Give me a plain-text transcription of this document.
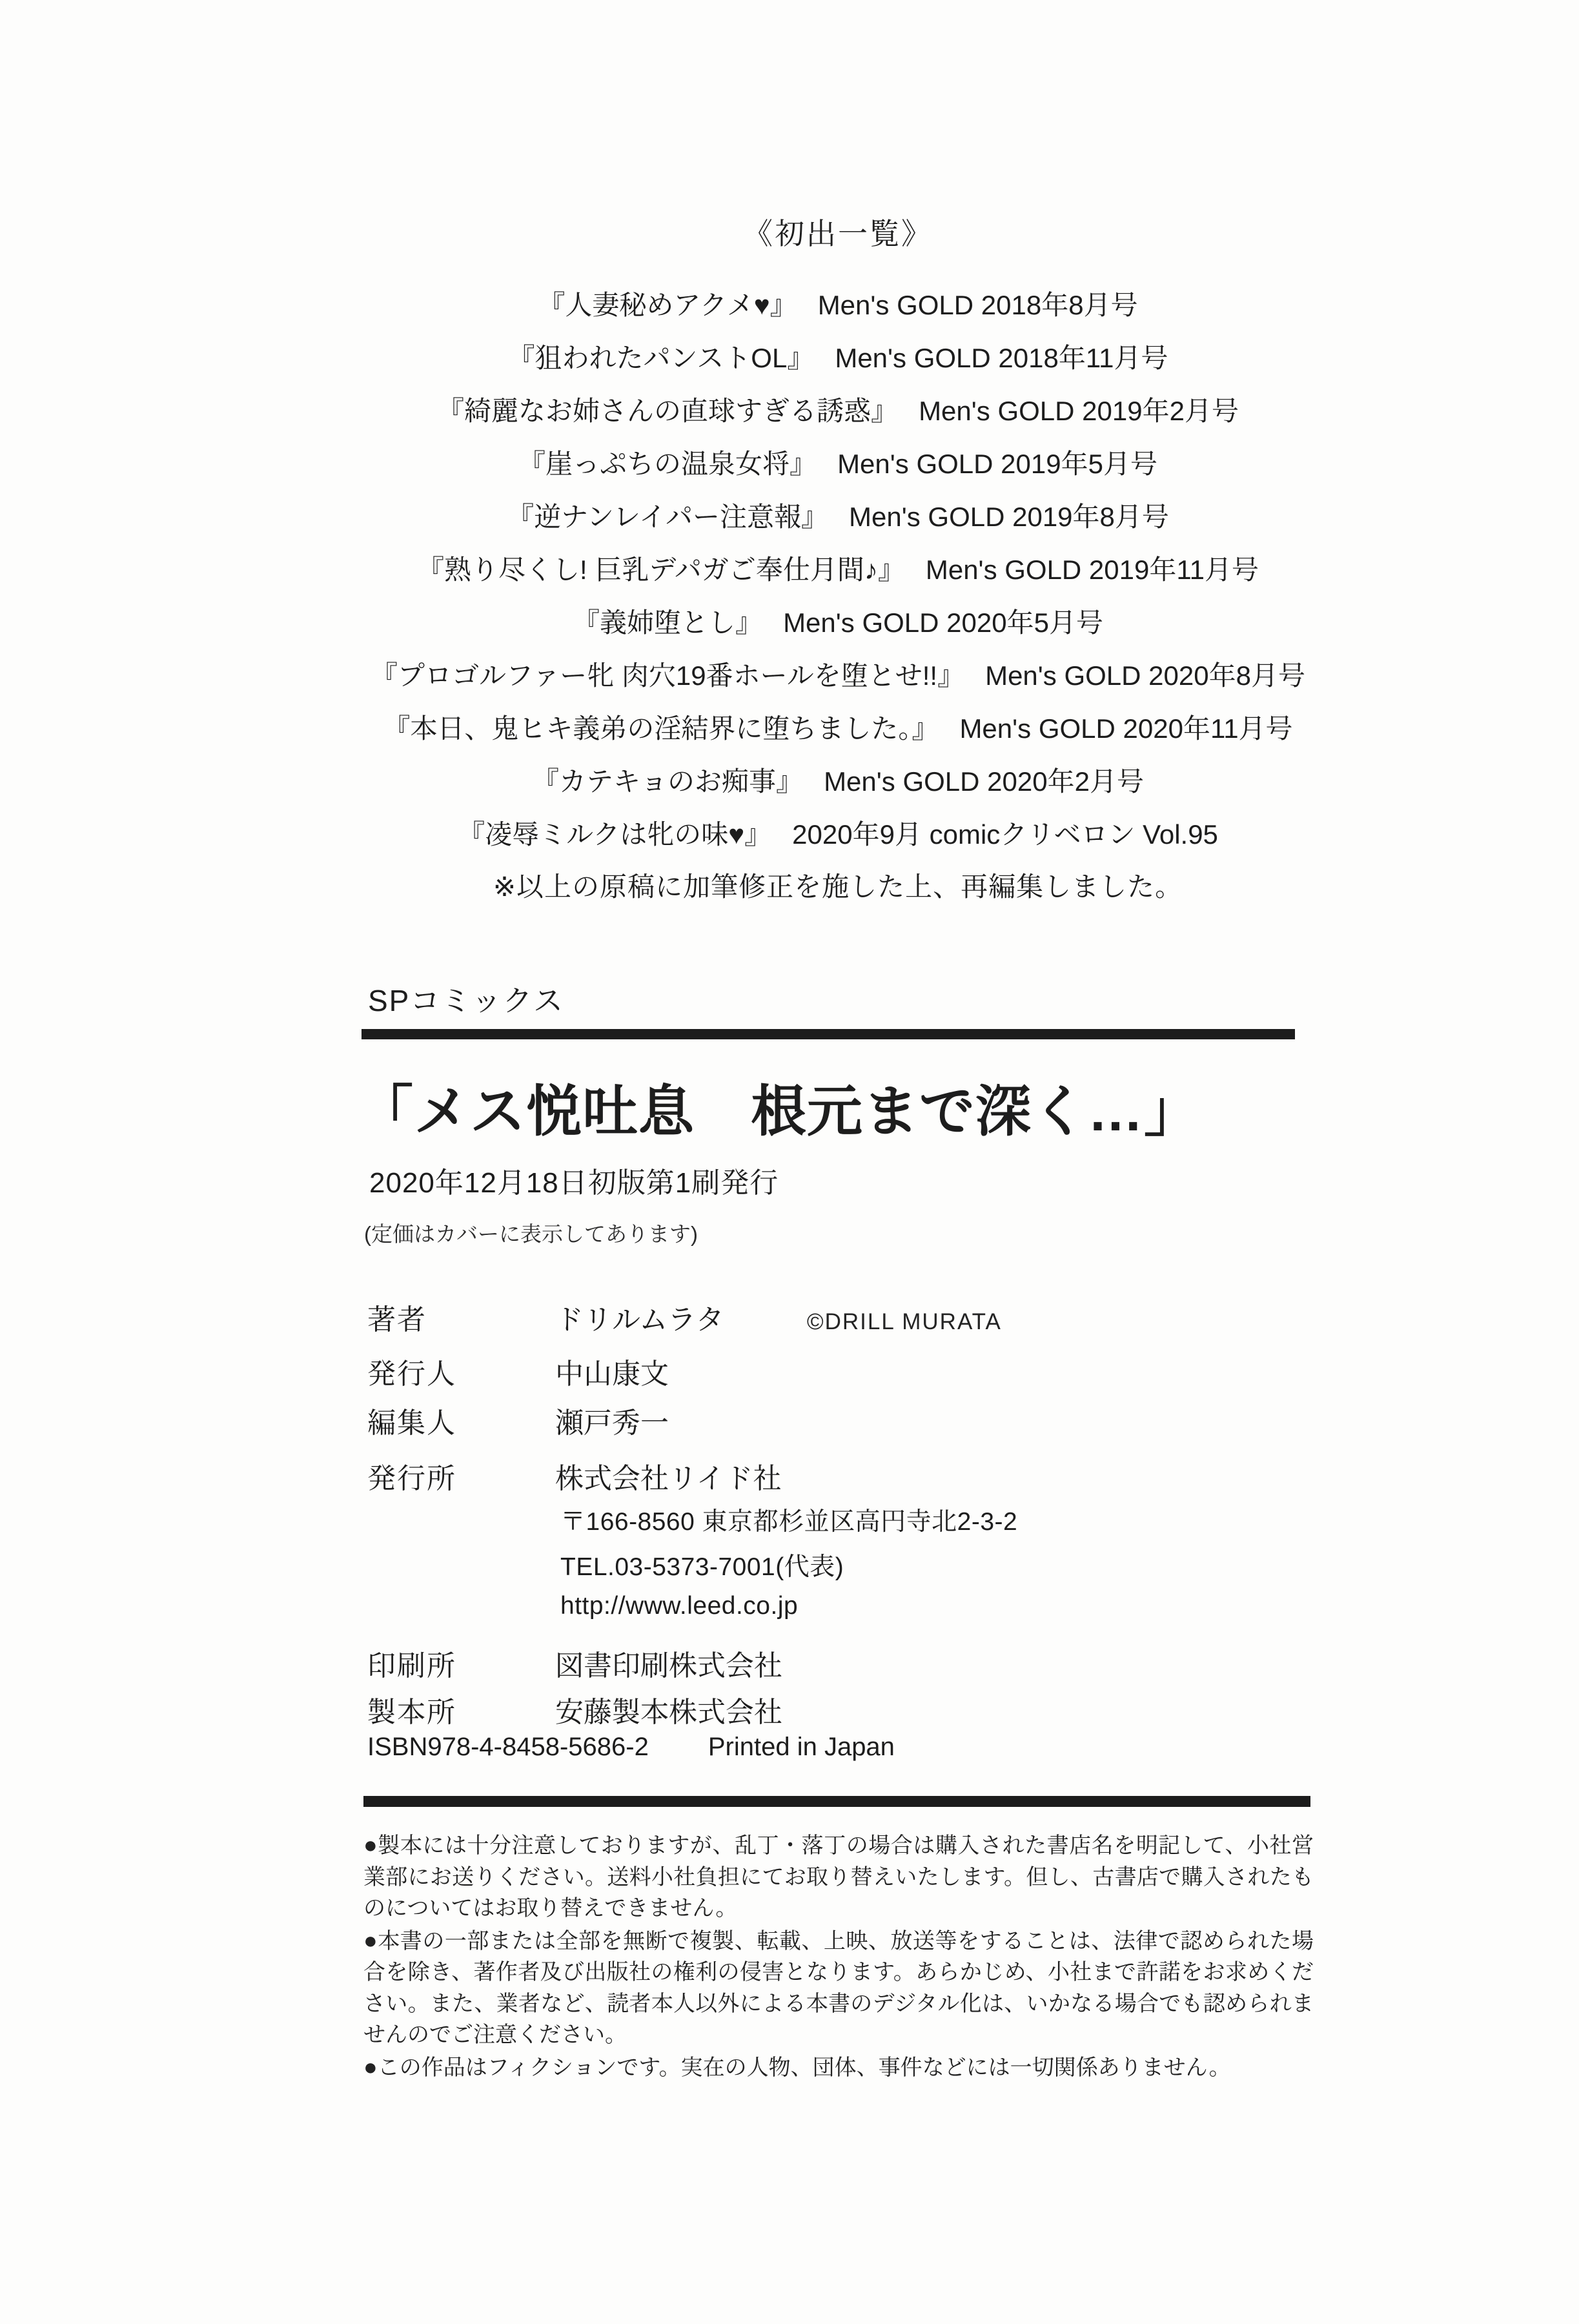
《初出一覧》
『人妻秘めアクメ♥』 Men's GOLD 2018年8月号
『狙われたパンストOL』 Men's GOLD 2018年11月号
『綺麗なお姉さんの直球すぎる誘惑』 Men's GOLD 2019年2月号
『崖っぷちの温泉女将』 Men's GOLD 2019年5月号
『逆ナンレイパー注意報』 Men's GOLD 2019年8月号
『熟り尽くし! 巨乳デパガご奉仕月間♪』 Men's GOLD 2019年11月号
『義姉堕とし』 Men's GOLD 2020年5月号
『プロゴルファー牝 肉穴19番ホールを堕とせ!!』 Men's GOLD 2020年8月号
『本日、鬼ヒキ義弟の淫結界に堕ちました。』 Men's GOLD 2020年11月号
『カテキョのお痴事』 Men's GOLD 2020年2月号
『凌辱ミルクは牝の味♥』 2020年9月 comicクリベロン Vol.95
※以上の原稿に加筆修正を施した上、再編集しました。
SPコミックス
「メス悦吐息　根元まで深く…」
2020年12月18日初版第1刷発行
(定価はカバーに表示してあります)
著者	ドリルムラタ	©DRILL MURATA
発行人	中山康文
編集人	瀬戸秀一
発行所	株式会社リイド社
〒166-8560 東京都杉並区高円寺北2-3-2
TEL.03-5373-7001(代表)
http://www.leed.co.jp
印刷所	図書印刷株式会社
製本所	安藤製本株式会社
ISBN978-4-8458-5686-2 Printed in Japan

●製本には十分注意しておりますが、乱丁・落丁の場合は購入された書店名を明記して、小社営業部にお送りください。送料小社負担にてお取り替えいたします。但し、古書店で購入されたものについてはお取り替えできません。

●本書の一部または全部を無断で複製、転載、上映、放送等をすることは、法律で認められた場合を除き、著作者及び出版社の権利の侵害となります。あらかじめ、小社まで許諾をお求めください。また、業者など、読者本人以外による本書のデジタル化は、いかなる場合でも認められませんのでご注意ください。

●この作品はフィクションです。実在の人物、団体、事件などには一切関係ありません。
